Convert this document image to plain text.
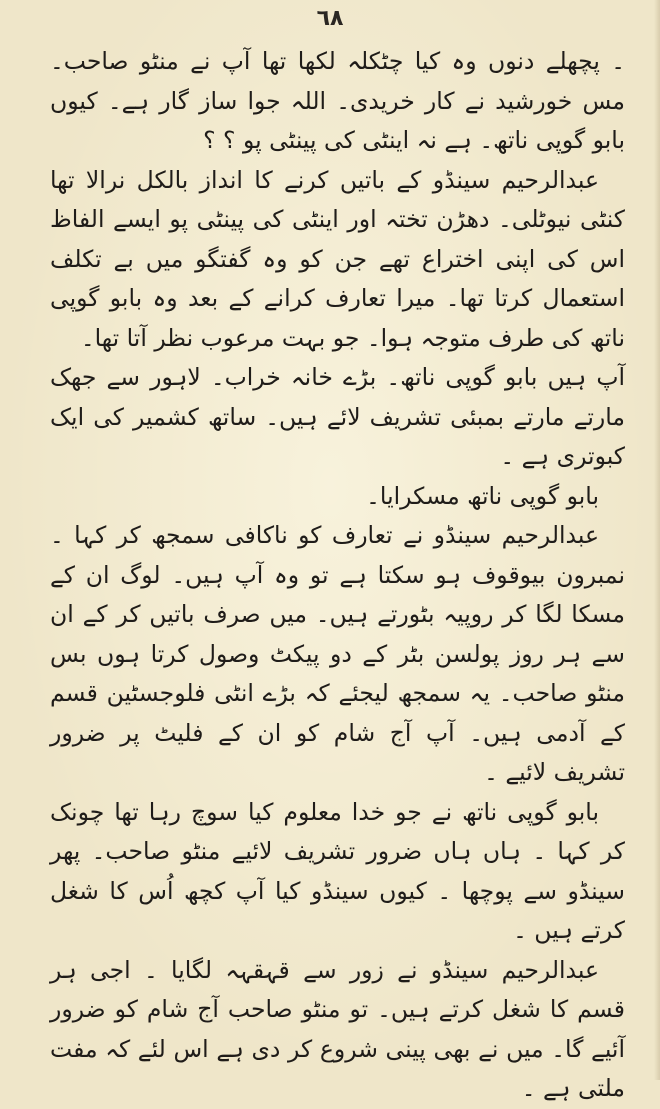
٦٨

۔ پچھلے دنوں وہ کیا چٹکلہ لکھا تھا آپ نے منٹو صاحب۔ مس خورشید نے کار خریدی۔ اللہ جوا ساز گار ہے۔ کیوں بابو گوپی ناتھ۔ ہے نہ اینٹی کی پینٹی پو ؟ ؟

عبدالرحیم سینڈو کے باتیں کرنے کا انداز بالکل نرالا تھا کنٹی نیوٹلی۔ دھڑن تختہ اور اینٹی کی پینٹی پو ایسے الفاظ اس کی اپنی اختراع تھے جن کو وہ گفتگو میں بے تکلف استعمال کرتا تھا۔ میرا تعارف کرانے کے بعد وہ بابو گوپی ناتھ کی طرف متوجہ ہوا۔ جو بہت مرعوب نظر آتا تھا۔

آپ ہیں بابو گوپی ناتھ۔ بڑے خانہ خراب۔ لاہور سے جھک مارتے مارتے بمبئی تشریف لائے ہیں۔ ساتھ کشمیر کی ایک کبوتری ہے ۔

بابو گوپی ناتھ مسکرایا۔

عبدالرحیم سینڈو نے تعارف کو ناکافی سمجھ کر کہا ۔ نمبرون بیوقوف ہو سکتا ہے تو وہ آپ ہیں۔ لوگ ان کے مسکا لگا کر روپیہ بٹورتے ہیں۔ میں صرف باتیں کر کے ان سے ہر روز پولسن بٹر کے دو پیکٹ وصول کرتا ہوں بس منٹو صاحب۔ یہ سمجھ لیجئے کہ بڑے انٹی فلوجسٹین قسم کے آدمی ہیں۔ آپ آج شام کو ان کے فلیٹ پر ضرور تشریف لائیے ۔

بابو گوپی ناتھ نے جو خدا معلوم کیا سوچ رہا تھا چونک کر کہا ۔ ہاں ہاں ضرور تشریف لائیے منٹو صاحب۔ پھر سینڈو سے پوچھا ۔ کیوں سینڈو کیا آپ کچھ اُس کا شغل کرتے ہیں ۔

عبدالرحیم سینڈو نے زور سے قہقہہ لگایا ۔ اجی ہر قسم کا شغل کرتے ہیں۔ تو منٹو صاحب آج شام کو ضرور آئیے گا۔ میں نے بھی پینی شروع کر دی ہے اس لئے کہ مفت ملتی ہے ۔
